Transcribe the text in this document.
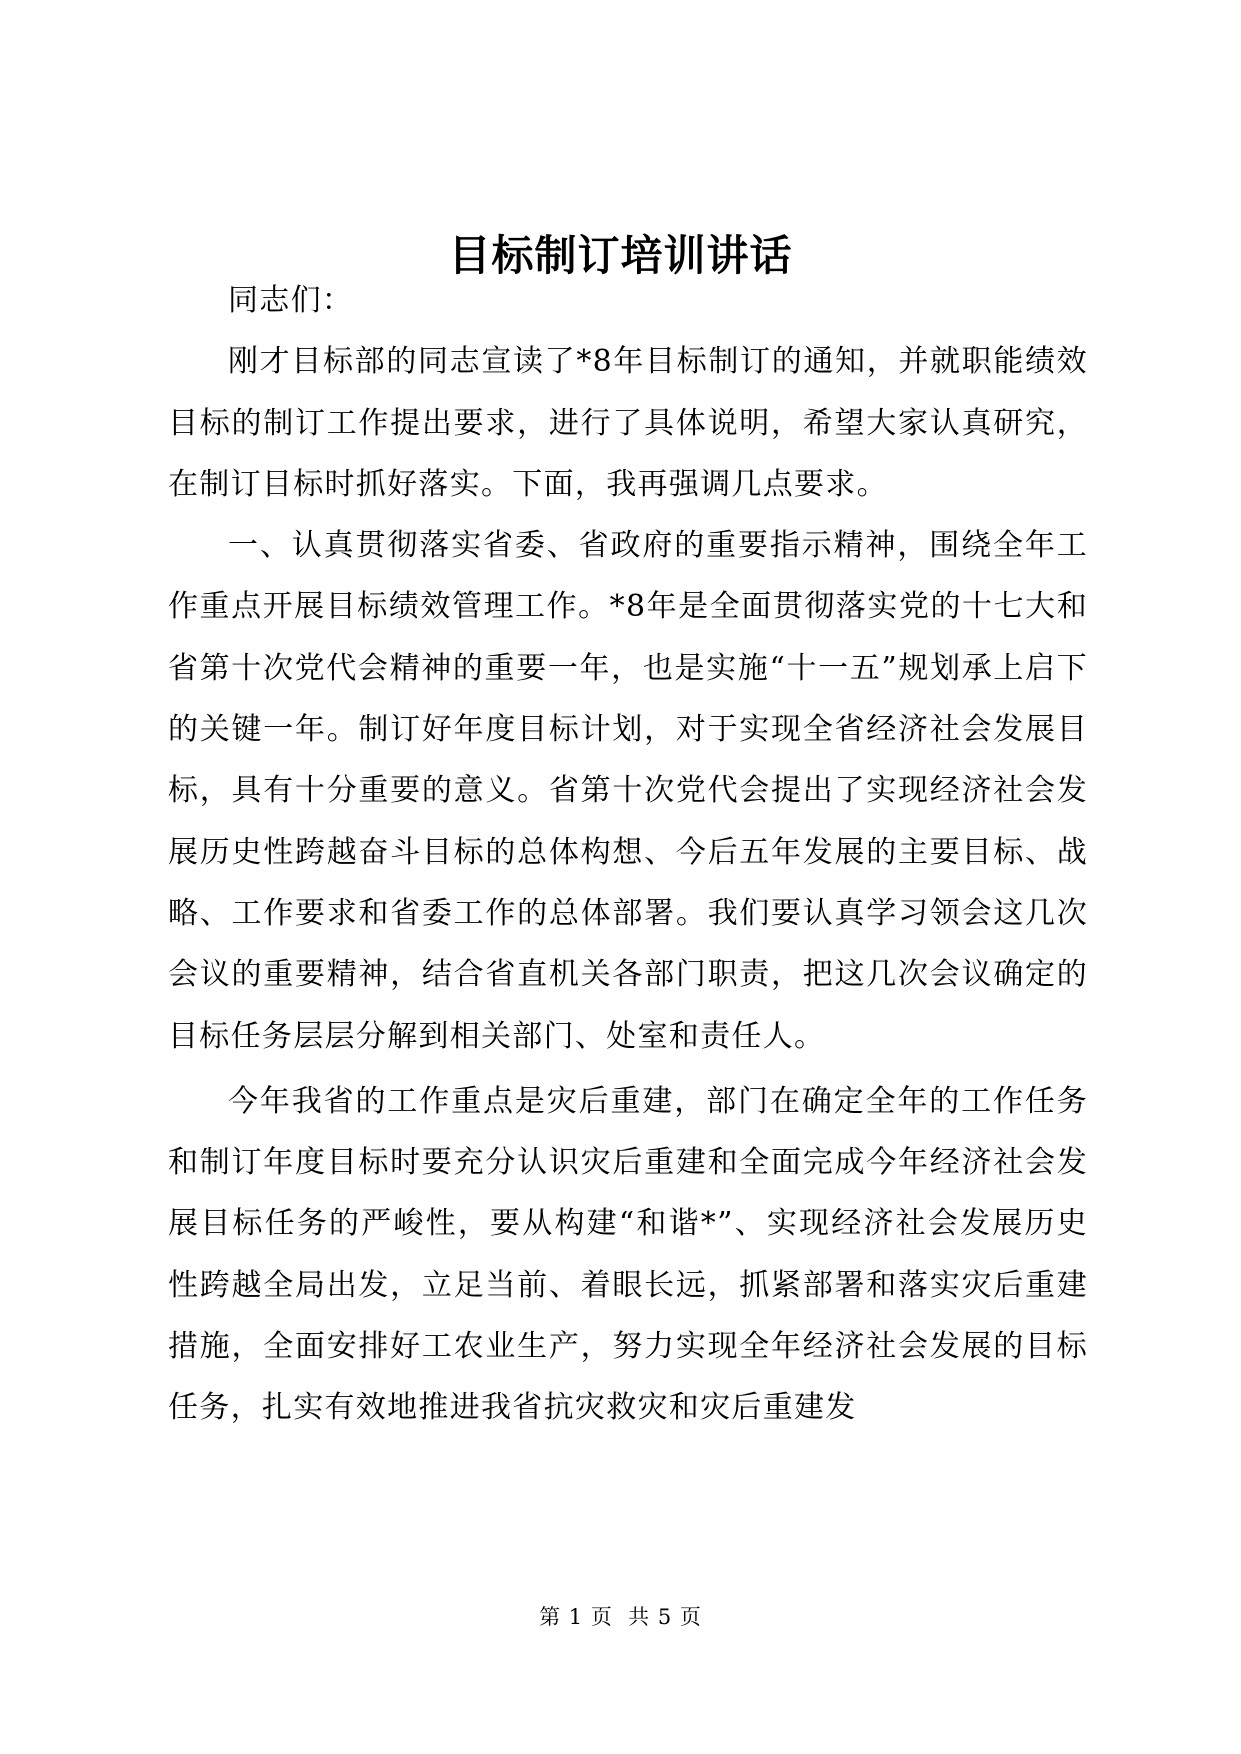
目标制订培训讲话

同志们：

刚才目标部的同志宣读了*8年目标制订的通知，并就职能绩效目标的制订工作提出要求，进行了具体说明，希望大家认真研究，在制订目标时抓好落实。下面，我再强调几点要求。

一、认真贯彻落实省委、省政府的重要指示精神，围绕全年工作重点开展目标绩效管理工作。*8年是全面贯彻落实党的十七大和省第十次党代会精神的重要一年，也是实施“十一五”规划承上启下的关键一年。制订好年度目标计划，对于实现全省经济社会发展目标，具有十分重要的意义。省第十次党代会提出了实现经济社会发展历史性跨越奋斗目标的总体构想、今后五年发展的主要目标、战略、工作要求和省委工作的总体部署。我们要认真学习领会这几次会议的重要精神，结合省直机关各部门职责，把这几次会议确定的目标任务层层分解到相关部门、处室和责任人。

今年我省的工作重点是灾后重建，部门在确定全年的工作任务和制订年度目标时要充分认识灾后重建和全面完成今年经济社会发展目标任务的严峻性，要从构建“和谐*”、实现经济社会发展历史性跨越全局出发，立足当前、着眼长远，抓紧部署和落实灾后重建措施，全面安排好工农业生产，努力实现全年经济社会发展的目标任务，扎实有效地推进我省抗灾救灾和灾后重建发

第 1 页  共 5 页
